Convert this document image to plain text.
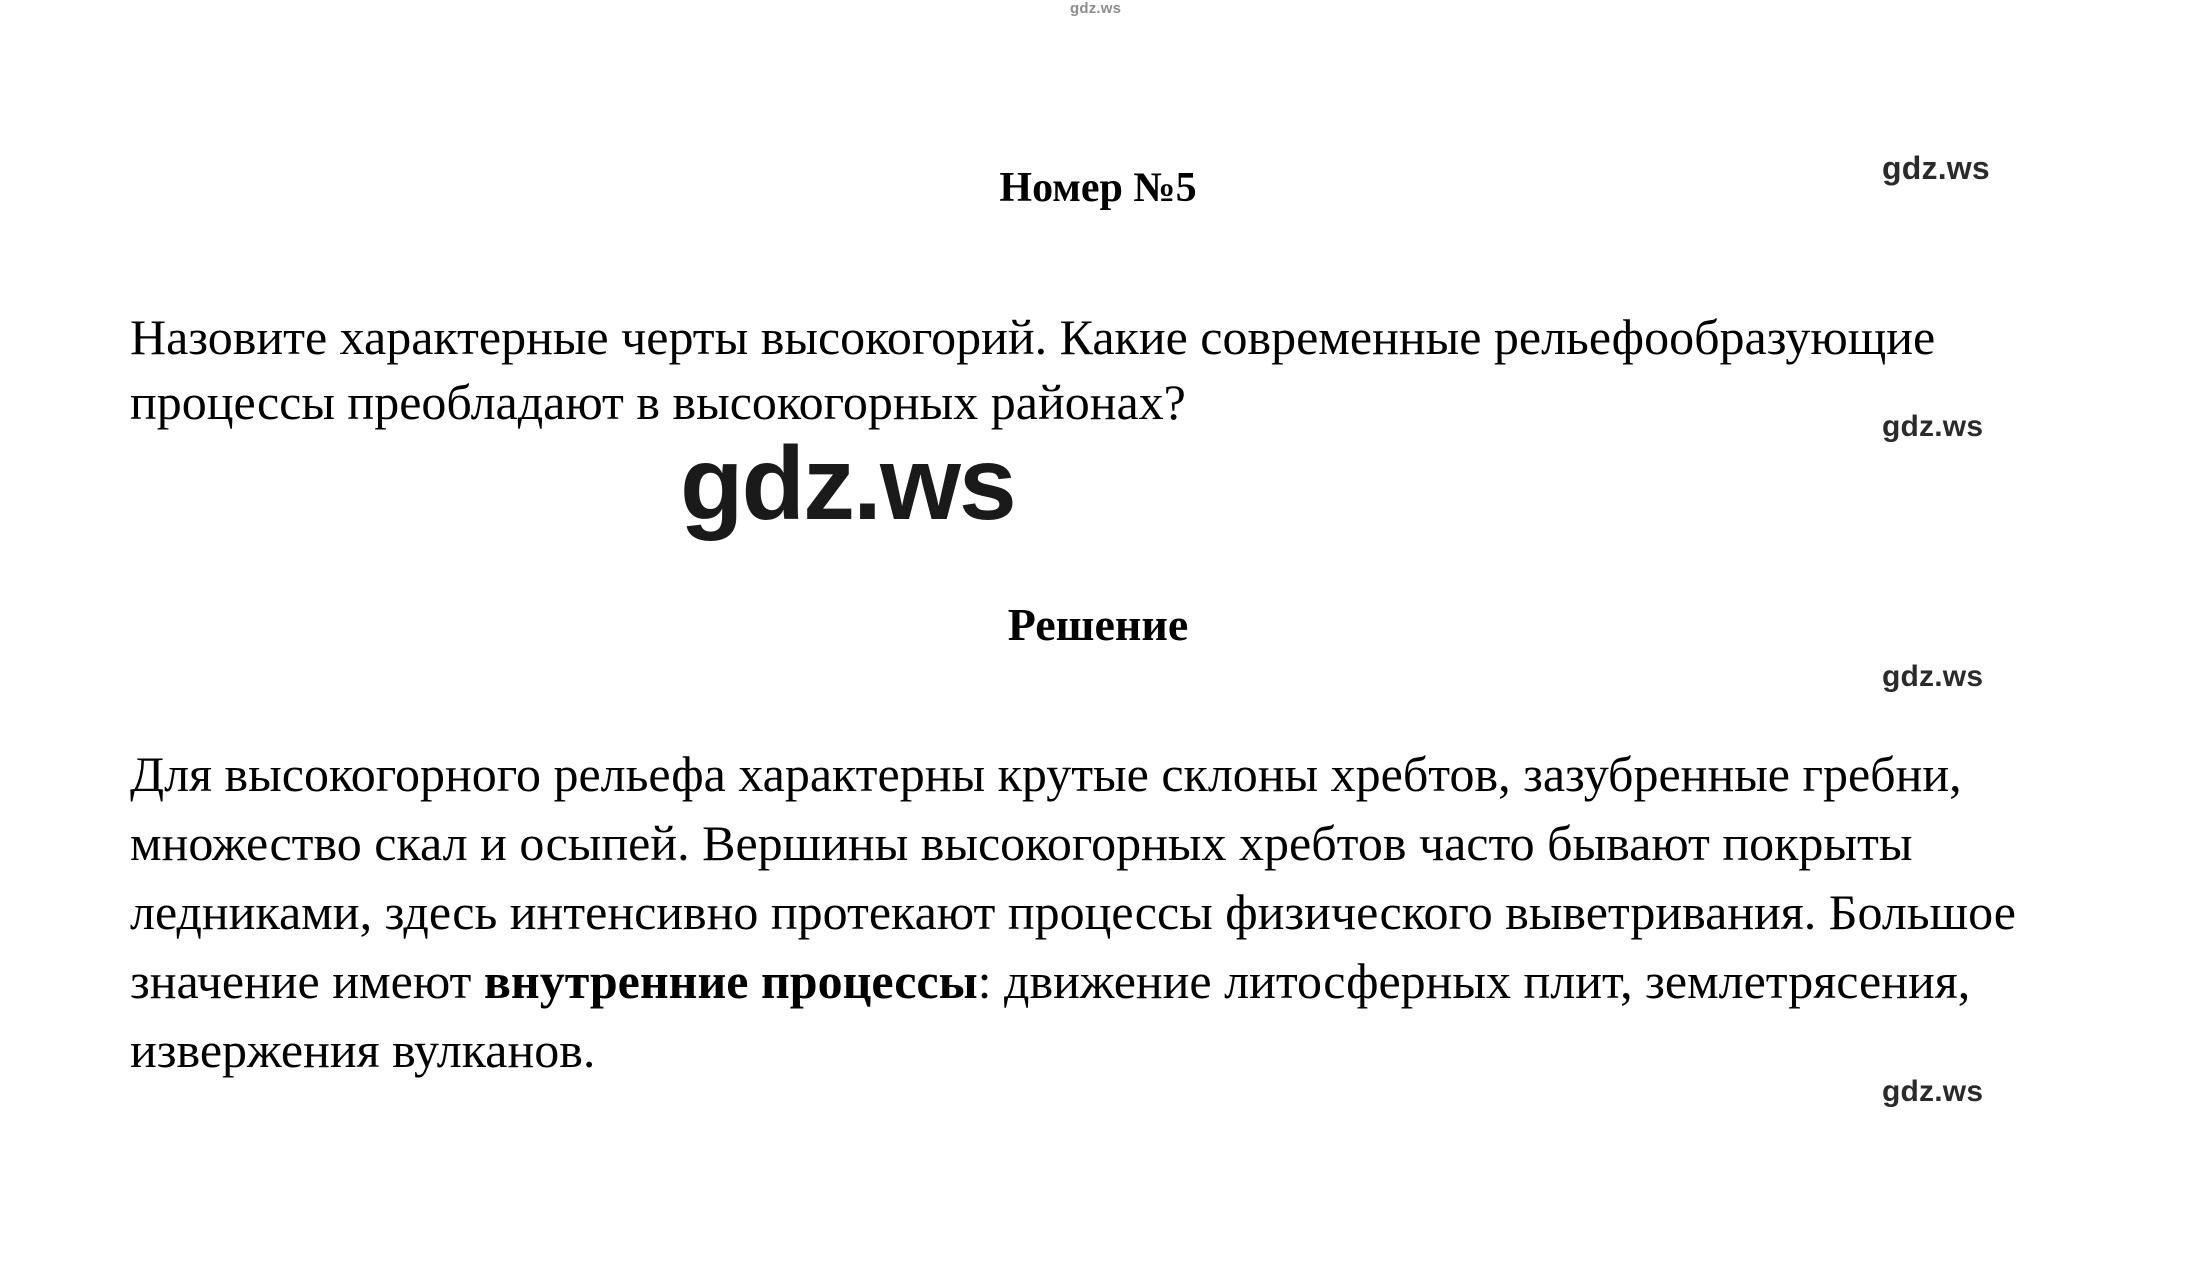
gdz.ws
Номер №5	gdz.ws

Назовите характерные черты высокогорий. Какие современные рельефообразующие процессы преобладают в высокогорных районах?	gdz.ws
gdz.ws
Решение
gdz.ws

Для высокогорного рельефа характерны крутые склоны хребтов, зазубренные гребни, множество скал и осыпей. Вершины высокогорных хребтов часто бывают покрыты ледниками, здесь интенсивно протекают процессы физического выветривания. Большое значение имеют внутренние процессы: движение литосферных плит, землетрясения, извержения вулканов.

gdz.ws
